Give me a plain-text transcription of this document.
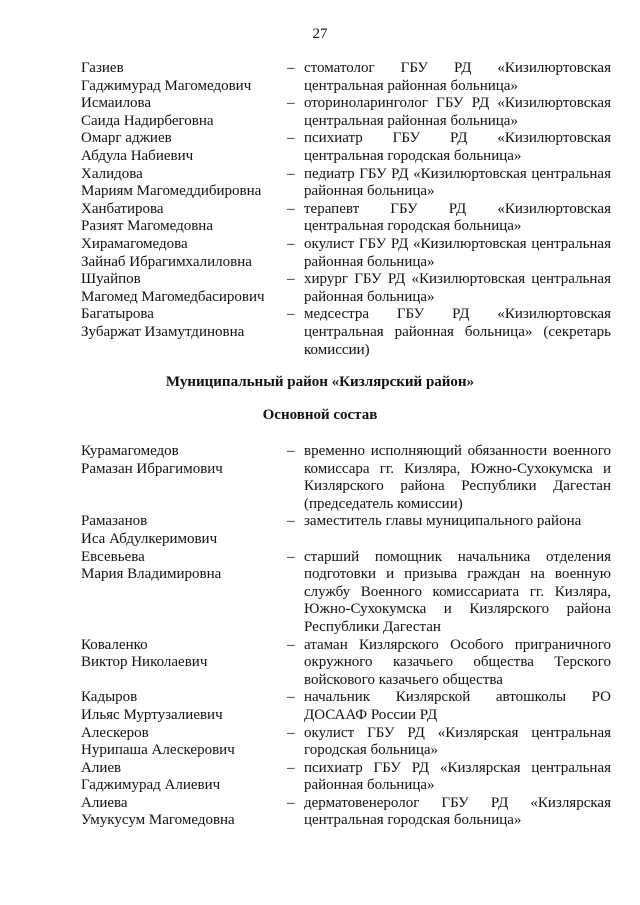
27
Газиев
Гаджимурад Магомедович
– стоматолог ГБУ РД «Кизилюртовская центральная районная больница»
Исмаилова
Саида Надирбеговна
– оториноларинголог ГБУ РД «Кизилюртовская центральная районная больница»
Омарг аджиев
Абдула Набиевич
– психиатр ГБУ РД «Кизилюртовская центральная городская больница»
Халидова
Мариям Магомеддибировна
– педиатр ГБУ РД «Кизилюртовская центральная районная больница»
Ханбатирова
Разият Магомедовна
– терапевт ГБУ РД «Кизилюртовская центральная городская больница»
Хирамагомедова
Зайнаб Ибрагимхалиловна
– окулист ГБУ РД «Кизилюртовская центральная районная больница»
Шуайпов
Магомед Магомедбасирович
– хирург ГБУ РД «Кизилюртовская центральная районная больница»
Багатырова
Зубаржат Изамутдиновна
– медсестра ГБУ РД «Кизилюртовская центральная районная больница» (секретарь комиссии)
Муниципальный район «Кизлярский район»
Основной состав
Курамагомедов
Рамазан Ибрагимович
– временно исполняющий обязанности военного комиссара гг. Кизляра, Южно-Сухокумска и Кизлярского района Республики Дагестан (председатель комиссии)
Рамазанов
Иса Абдулкеримович
– заместитель главы муниципального района
Евсевьева
Мария Владимировна
– старший помощник начальника отделения подготовки и призыва граждан на военную службу Военного комиссариата гг. Кизляра, Южно-Сухокумска и Кизлярского района Республики Дагестан
Коваленко
Виктор Николаевич
– атаман Кизлярского Особого приграничного окружного казачьего общества Терского войскового казачьего общества
Кадыров
Ильяс Муртузалиевич
– начальник Кизлярской автошколы РО ДОСААФ России РД
Алескеров
Нурипаша Алескерович
– окулист ГБУ РД «Кизлярская центральная городская больница»
Алиев
Гаджимурад Алиевич
– психиатр ГБУ РД «Кизлярская центральная районная больница»
Алиева
Умукусум Магомедовна
– дерматовенеролог ГБУ РД «Кизлярская центральная городская больница»
